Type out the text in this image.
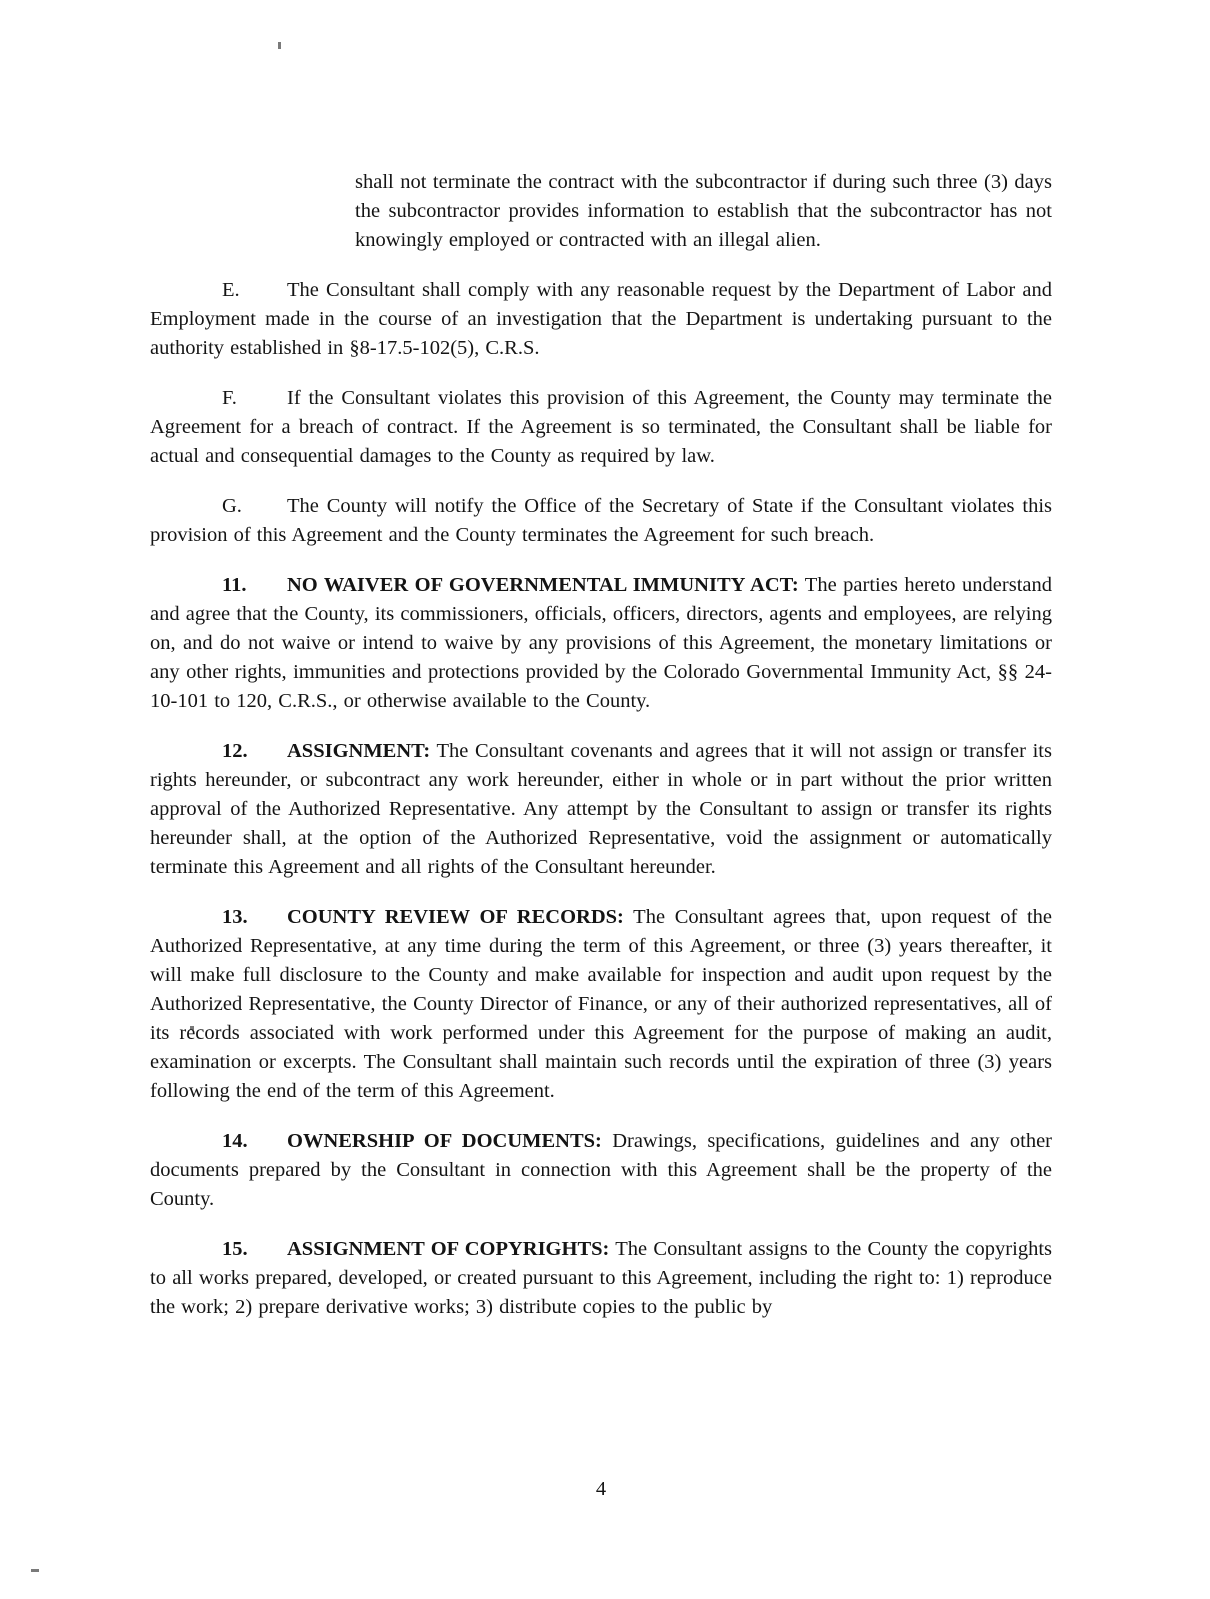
shall not terminate the contract with the subcontractor if during such three (3) days the subcontractor provides information to establish that the subcontractor has not knowingly employed or contracted with an illegal alien.

E. The Consultant shall comply with any reasonable request by the Department of Labor and Employment made in the course of an investigation that the Department is undertaking pursuant to the authority established in §8-17.5-102(5), C.R.S.

F. If the Consultant violates this provision of this Agreement, the County may terminate the Agreement for a breach of contract. If the Agreement is so terminated, the Consultant shall be liable for actual and consequential damages to the County as required by law.

G. The County will notify the Office of the Secretary of State if the Consultant violates this provision of this Agreement and the County terminates the Agreement for such breach.

11. NO WAIVER OF GOVERNMENTAL IMMUNITY ACT: The parties hereto understand and agree that the County, its commissioners, officials, officers, directors, agents and employees, are relying on, and do not waive or intend to waive by any provisions of this Agreement, the monetary limitations or any other rights, immunities and protections provided by the Colorado Governmental Immunity Act, §§ 24-10-101 to 120, C.R.S., or otherwise available to the County.

12. ASSIGNMENT: The Consultant covenants and agrees that it will not assign or transfer its rights hereunder, or subcontract any work hereunder, either in whole or in part without the prior written approval of the Authorized Representative. Any attempt by the Consultant to assign or transfer its rights hereunder shall, at the option of the Authorized Representative, void the assignment or automatically terminate this Agreement and all rights of the Consultant hereunder.

13. COUNTY REVIEW OF RECORDS: The Consultant agrees that, upon request of the Authorized Representative, at any time during the term of this Agreement, or three (3) years thereafter, it will make full disclosure to the County and make available for inspection and audit upon request by the Authorized Representative, the County Director of Finance, or any of their authorized representatives, all of its records associated with work performed under this Agreement for the purpose of making an audit, examination or excerpts. The Consultant shall maintain such records until the expiration of three (3) years following the end of the term of this Agreement.

14. OWNERSHIP OF DOCUMENTS: Drawings, specifications, guidelines and any other documents prepared by the Consultant in connection with this Agreement shall be the property of the County.

15. ASSIGNMENT OF COPYRIGHTS: The Consultant assigns to the County the copyrights to all works prepared, developed, or created pursuant to this Agreement, including the right to: 1) reproduce the work; 2) prepare derivative works; 3) distribute copies to the public by

4
